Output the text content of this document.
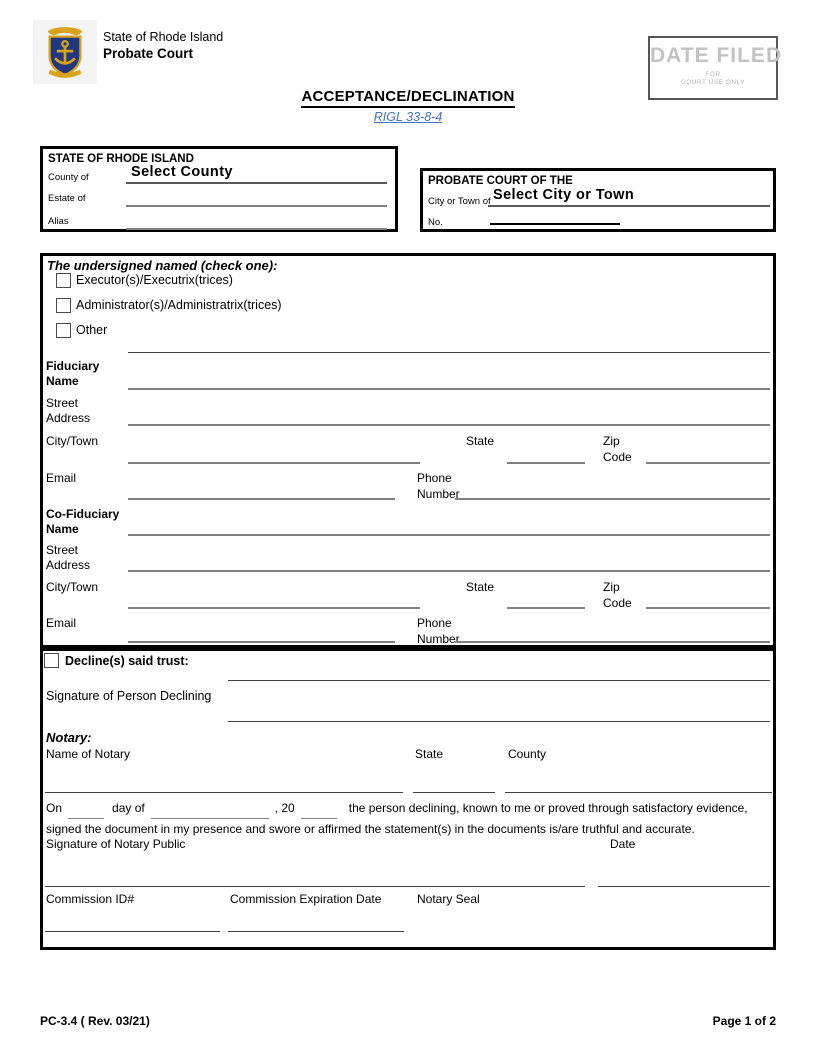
State of Rhode Island
Probate Court
ACCEPTANCE/DECLINATION
RIGL 33-8-4
DATE FILED
FOR
COURT USE ONLY
STATE OF RHODE ISLAND
County of	Select County
Estate of
Alias
PROBATE COURT OF THE
City or Town of Select City or Town
No.
The undersigned named (check one):
Executor(s)/Executrix(trices)
Administrator(s)/Administratrix(trices)
Other
Fiduciary
Name
Street
Address
City/Town	State	Zip
Code
Email	Phone
Number
Co-Fiduciary
Name
Street
Address
City/Town	State	Zip
Code
Email	Phone
Number
Decline(s) said trust:
Signature of Person Declining
Notary:
Name of Notary	State	County
On	day of	, 20	the person declining, known to me or proved through satisfactory evidence,
signed the document in my presence and swore or affirmed the statement(s) in the documents is/are truthful and accurate.
Signature of Notary Public	Date
Commission ID#	Commission Expiration Date	Notary Seal
PC-3.4 ( Rev. 03/21)	Page 1 of 2
